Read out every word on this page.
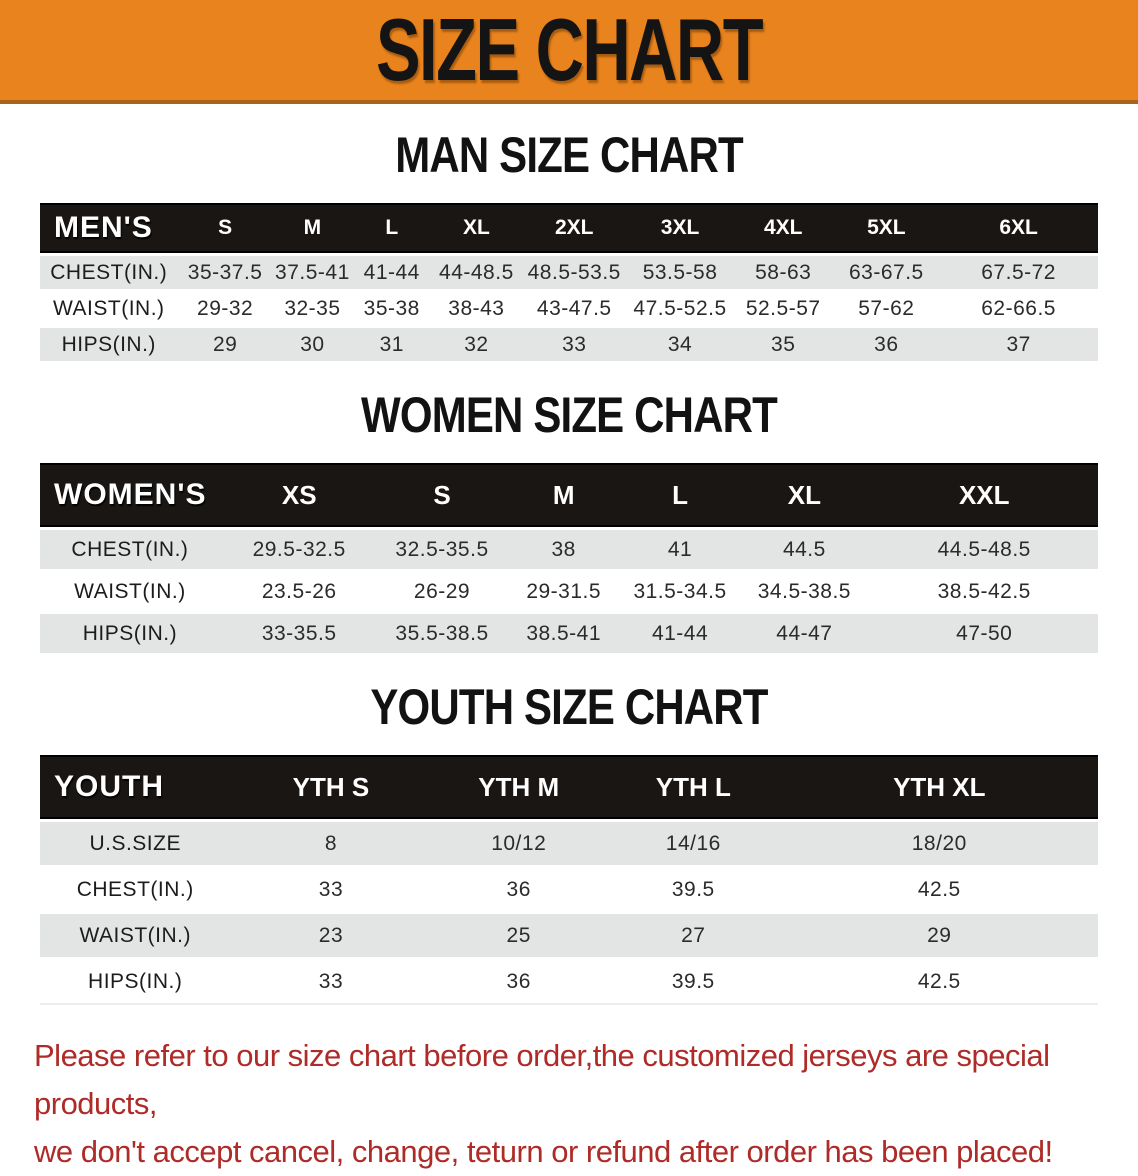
SIZE CHART
MAN SIZE CHART
MEN'S	S	M	L	XL	2XL	3XL	4XL	5XL	6XL
CHEST(IN.)	35-37.5	37.5-41	41-44	44-48.5	48.5-53.5	53.5-58	58-63	63-67.5	67.5-72
WAIST(IN.)	29-32	32-35	35-38	38-43	43-47.5	47.5-52.5	52.5-57	57-62	62-66.5
HIPS(IN.)	29	30	31	32	33	34	35	36	37
WOMEN SIZE CHART
WOMEN'S	XS	S	M	L	XL	XXL
CHEST(IN.)	29.5-32.5	32.5-35.5	38	41	44.5	44.5-48.5
WAIST(IN.)	23.5-26	26-29	29-31.5	31.5-34.5	34.5-38.5	38.5-42.5
HIPS(IN.)	33-35.5	35.5-38.5	38.5-41	41-44	44-47	47-50
YOUTH SIZE CHART
YOUTH	YTH S	YTH M	YTH L	YTH XL
U.S.SIZE	8	10/12	14/16	18/20
CHEST(IN.)	33	36	39.5	42.5
WAIST(IN.)	23	25	27	29
HIPS(IN.)	33	36	39.5	42.5

Please refer to our size chart before order,the customized jerseys are special products,

we don't accept cancel, change, teturn or refund after order has been placed!
